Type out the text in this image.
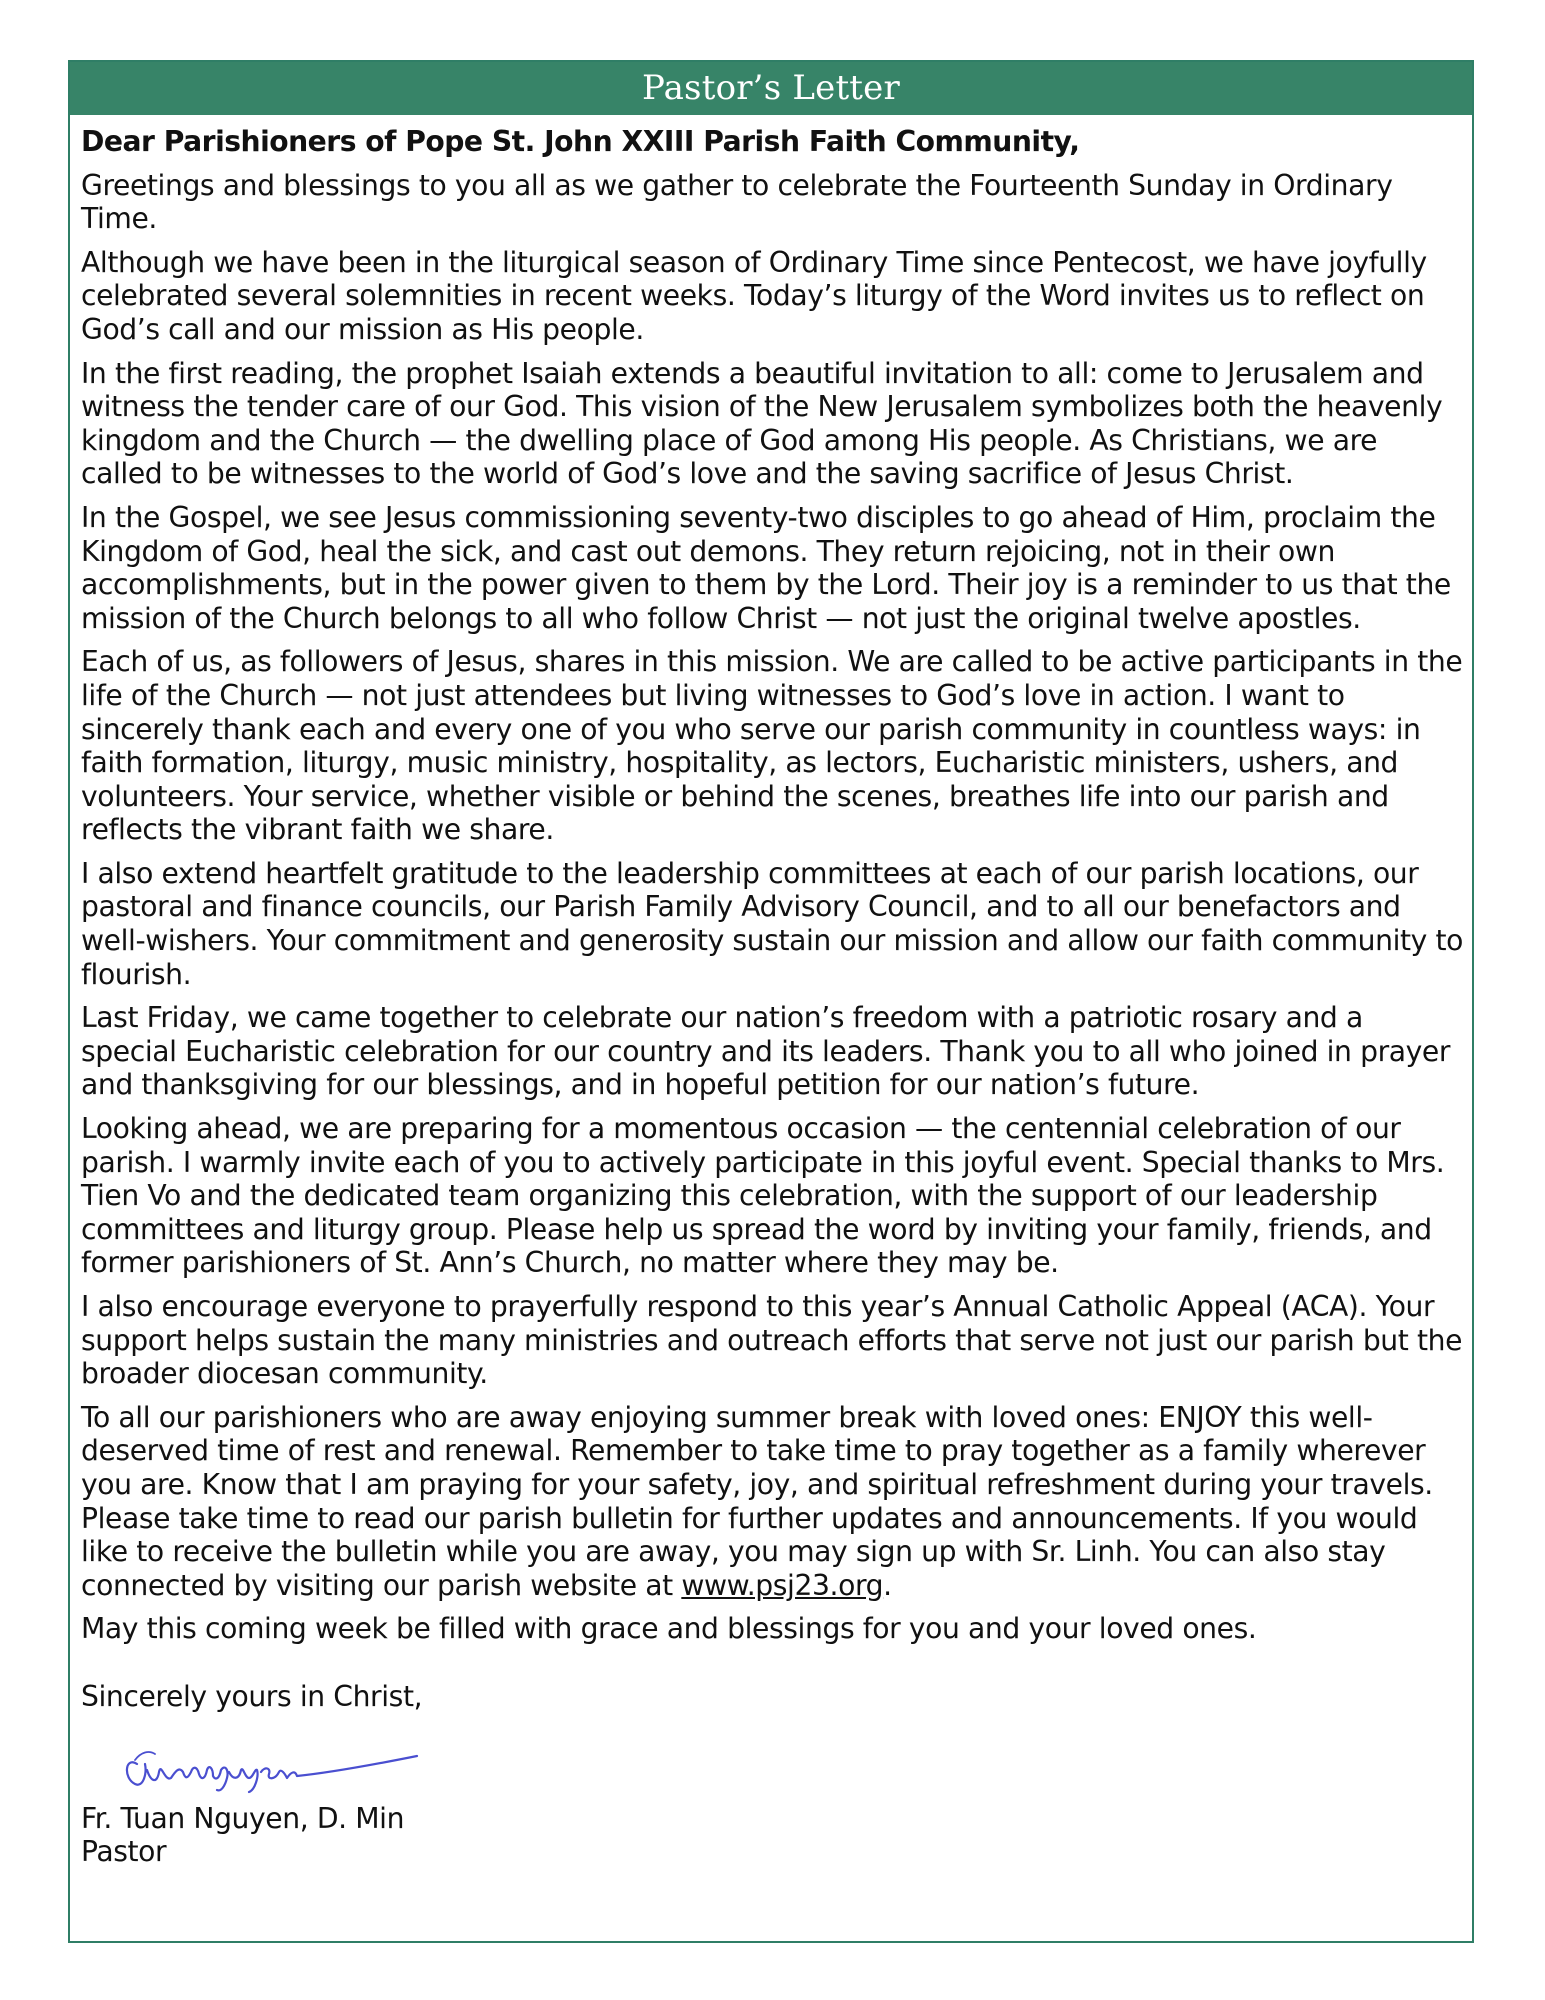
Pastor’s Letter

Dear Parishioners of Pope St. John XXIII Parish Faith Community,

Greetings and blessings to you all as we gather to celebrate the Fourteenth Sunday in Ordinary Time.

Although we have been in the liturgical season of Ordinary Time since Pentecost, we have joyfully celebrated several solemnities in recent weeks. Today’s liturgy of the Word invites us to reflect on God’s call and our mission as His people.

In the first reading, the prophet Isaiah extends a beautiful invitation to all: come to Jerusalem and witness the tender care of our God. This vision of the New Jerusalem symbolizes both the heavenly kingdom and the Church — the dwelling place of God among His people. As Christians, we are called to be witnesses to the world of God’s love and the saving sacrifice of Jesus Christ.

In the Gospel, we see Jesus commissioning seventy-two disciples to go ahead of Him, proclaim the Kingdom of God, heal the sick, and cast out demons. They return rejoicing, not in their own accomplishments, but in the power given to them by the Lord. Their joy is a reminder to us that the mission of the Church belongs to all who follow Christ — not just the original twelve apostles.

Each of us, as followers of Jesus, shares in this mission. We are called to be active participants in the life of the Church — not just attendees but living witnesses to God’s love in action. I want to sincerely thank each and every one of you who serve our parish community in countless ways: in faith formation, liturgy, music ministry, hospitality, as lectors, Eucharistic ministers, ushers, and volunteers. Your service, whether visible or behind the scenes, breathes life into our parish and reflects the vibrant faith we share.

I also extend heartfelt gratitude to the leadership committees at each of our parish locations, our pastoral and finance councils, our Parish Family Advisory Council, and to all our benefactors and well-wishers. Your commitment and generosity sustain our mission and allow our faith community to flourish.

Last Friday, we came together to celebrate our nation’s freedom with a patriotic rosary and a special Eucharistic celebration for our country and its leaders. Thank you to all who joined in prayer and thanksgiving for our blessings, and in hopeful petition for our nation’s future.

Looking ahead, we are preparing for a momentous occasion — the centennial celebration of our parish. I warmly invite each of you to actively participate in this joyful event. Special thanks to Mrs. Tien Vo and the dedicated team organizing this celebration, with the support of our leadership committees and liturgy group. Please help us spread the word by inviting your family, friends, and former parishioners of St. Ann’s Church, no matter where they may be.

I also encourage everyone to prayerfully respond to this year’s Annual Catholic Appeal (ACA). Your support helps sustain the many ministries and outreach efforts that serve not just our parish but the broader diocesan community.

To all our parishioners who are away enjoying summer break with loved ones: ENJOY this well-deserved time of rest and renewal. Remember to take time to pray together as a family wherever you are. Know that I am praying for your safety, joy, and spiritual refreshment during your travels. Please take time to read our parish bulletin for further updates and announcements. If you would like to receive the bulletin while you are away, you may sign up with Sr. Linh. You can also stay connected by visiting our parish website at www.psj23.org.

May this coming week be filled with grace and blessings for you and your loved ones.

Sincerely yours in Christ,

Fr. Tuan Nguyen, D. Min

Pastor
